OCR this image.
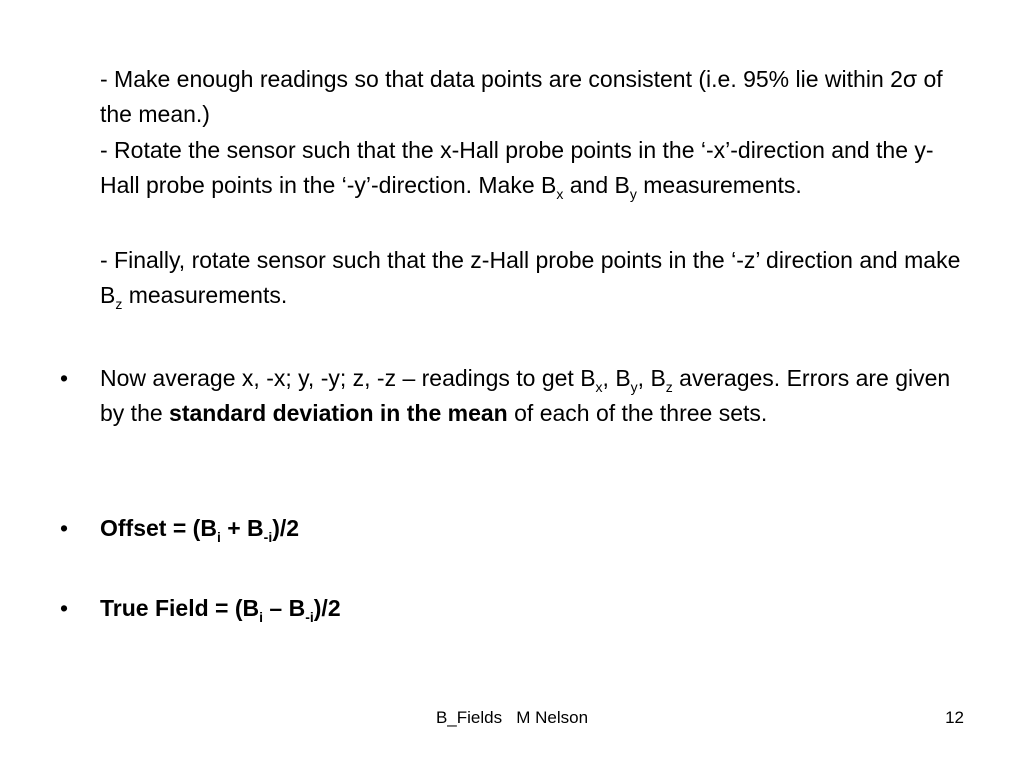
- Make enough readings so that data points are consistent (i.e. 95% lie within 2σ of the mean.)

- Rotate the sensor such that the x-Hall probe points in the ‘-x’-direction and the y-Hall probe points in the ‘-y’-direction. Make $B_x$ and $B_y$ measurements.

- Finally, rotate sensor such that the z-Hall probe points in the ‘-z’ direction and make $B_z$ measurements.

• Now average x, -x; y, -y; z, -z – readings to get $B_x$, $B_y$, $B_z$ averages. Errors are given by the standard deviation in the mean of each of the three sets.

• Offset = $(B_i + B_{-i})/2$

• True Field = $(B_i - B_{-i})/2$

B_Fields   M Nelson	12
